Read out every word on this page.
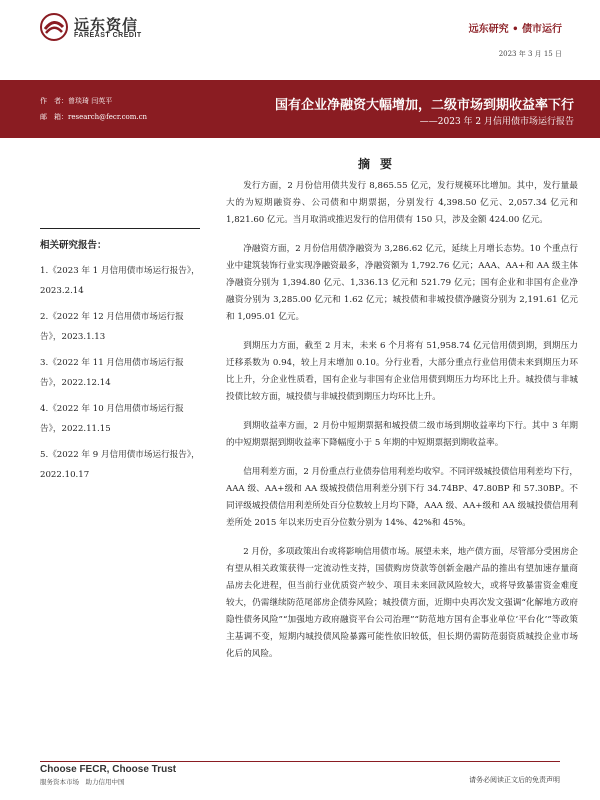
远东资信
FAREAST CREDIT
远东研究 • 债市运行
2023 年 3 月 15 日
作　者：曾琰琦 闫英平
邮　箱：research@fecr.com.cn
国有企业净融资大幅增加，二级市场到期收益率下行
——2023 年 2 月信用债市场运行报告
相关研究报告：
1.《2023 年 1 月信用债市场运行报告》，2023.2.14
2.《2022 年 12 月信用债市场运行报告》，2023.1.13
3.《2022 年 11 月信用债市场运行报告》，2022.12.14
4.《2022 年 10 月信用债市场运行报告》，2022.11.15
5.《2022 年 9 月信用债市场运行报告》，2022.10.17
摘要

发行方面，2 月份信用债共发行 8,865.55 亿元，发行规模环比增加。其中，发行量最大的为短期融资券、公司债和中期票据，分别发行 4,398.50 亿元、2,057.34 亿元和 1,821.60 亿元。当月取消或推迟发行的信用债有 150 只，涉及金额 424.00 亿元。

净融资方面，2 月份信用债净融资为 3,286.62 亿元，延续上月增长态势。10 个重点行业中建筑装饰行业实现净融资最多，净融资额为 1,792.76 亿元；AAA、AA+和 AA 级主体净融资分别为 1,394.80 亿元、1,336.13 亿元和 521.79 亿元；国有企业和非国有企业净融资分别为 3,285.00 亿元和 1.62 亿元；城投债和非城投债净融资分别为 2,191.61 亿元和 1,095.01 亿元。

到期压力方面，截至 2 月末，未来 6 个月将有 51,958.74 亿元信用债到期，到期压力迁移系数为 0.94，较上月末增加 0.10。分行业看，大部分重点行业信用债未来到期压力环比上升，分企业性质看，国有企业与非国有企业信用债到期压力均环比上升。城投债与非城投债比较方面，城投债与非城投债到期压力均环比上升。

到期收益率方面，2 月份中短期票据和城投债二级市场到期收益率均下行。其中 3 年期的中短期票据到期收益率下降幅度小于 5 年期的中短期票据到期收益率。

信用利差方面，2 月份重点行业债券信用利差均收窄。不同评级城投债信用利差均下行，AAA 级、AA+级和 AA 级城投债信用利差分别下行 34.74BP、47.80BP 和 57.30BP。不同评级城投债信用利差所处百分位数较上月均下降，AAA 级、AA+级和 AA 级城投债信用利差所处 2015 年以来历史百分位数分别为 14%、42%和 45%。

2 月份，多项政策出台或将影响信用债市场。展望未来，地产债方面，尽管部分受困房企有望从相关政策获得一定流动性支持，国债购房贷款等创新金融产品的推出有望加速存量商品房去化进程，但当前行业优质资产较少、项目未来回款风险较大，或将导致暴雷资金难度较大，仍需继续防范尾部房企债券风险；城投债方面，近期中央再次发文强调“化解地方政府隐性债务风险”“加强地方政府融资平台公司治理”“防范地方国有企事业单位‘平台化’”等政策主基调不变，短期内城投债风险暴露可能性依旧较低，但长期仍需防范弱资质城投企业市场化后的风险。

Choose FECR, Choose Trust
服务资本市场　助力信用中国	请务必阅读正文后的免责声明
